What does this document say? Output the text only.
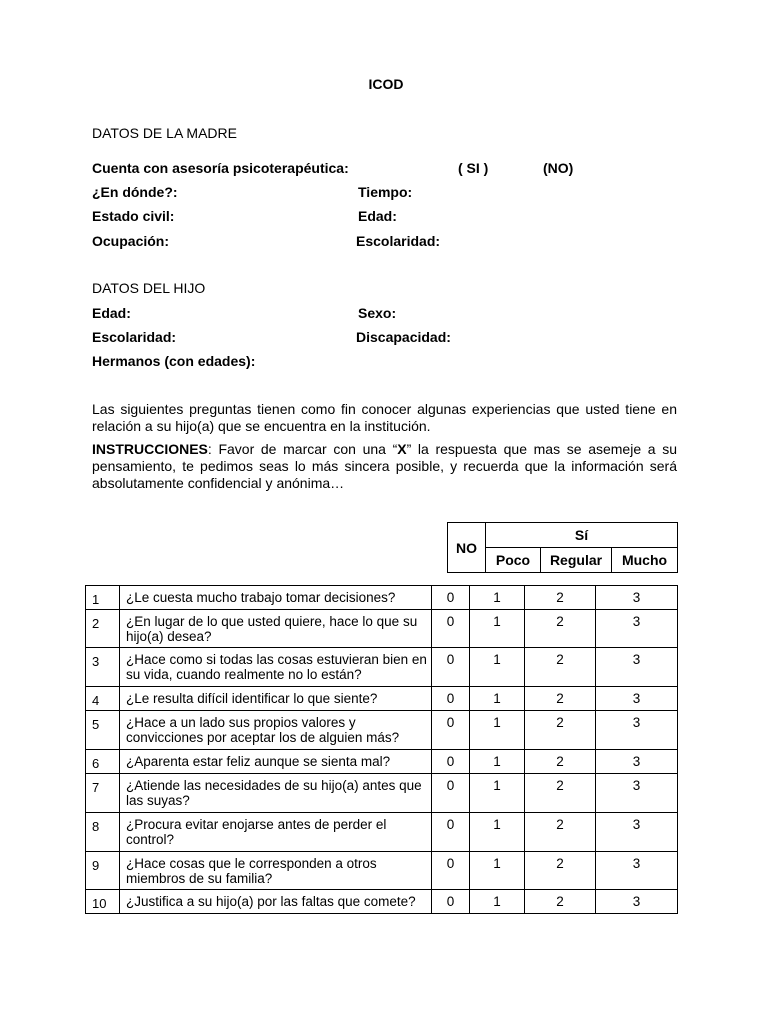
ICOD
DATOS DE LA MADRE
Cuenta con asesoría psicoterapéutica:	( SI )	(NO)
¿En dónde?:	Tiempo:
Estado civil:	Edad:
Ocupación:	Escolaridad:
DATOS DEL HIJO
Edad:	Sexo:
Escolaridad:	Discapacidad:
Hermanos (con edades):
Las siguientes preguntas tienen como fin conocer algunas experiencias que usted tiene en relación a su hijo(a) que se encuentra en la institución.
INSTRUCCIONES: Favor de marcar con una “X” la respuesta que mas se asemeje a su pensamiento, te pedimos seas lo más sincera posible, y recuerda que la información será absolutamente confidencial y anónima…
NO	Sí		
	Poco	Regular	Mucho
1	¿Le cuesta mucho trabajo tomar decisiones?	0	1	2	3
2	¿En lugar de lo que usted quiere, hace lo que su hijo(a) desea?	0	1	2	3
3	¿Hace como si todas las cosas estuvieran bien en su vida, cuando realmente no lo están?	0	1	2	3
4	¿Le resulta difícil identificar lo que siente?	0	1	2	3
5	¿Hace a un lado sus propios valores y convicciones por aceptar los de alguien más?	0	1	2	3
6	¿Aparenta estar feliz aunque se sienta mal?	0	1	2	3
7	¿Atiende las necesidades de su hijo(a) antes que las suyas?	0	1	2	3
8	¿Procura evitar enojarse antes de perder el control?	0	1	2	3
9	¿Hace cosas que le corresponden a otros miembros de su familia?	0	1	2	3
10	¿Justifica a su hijo(a) por las faltas que comete?	0	1	2	3
